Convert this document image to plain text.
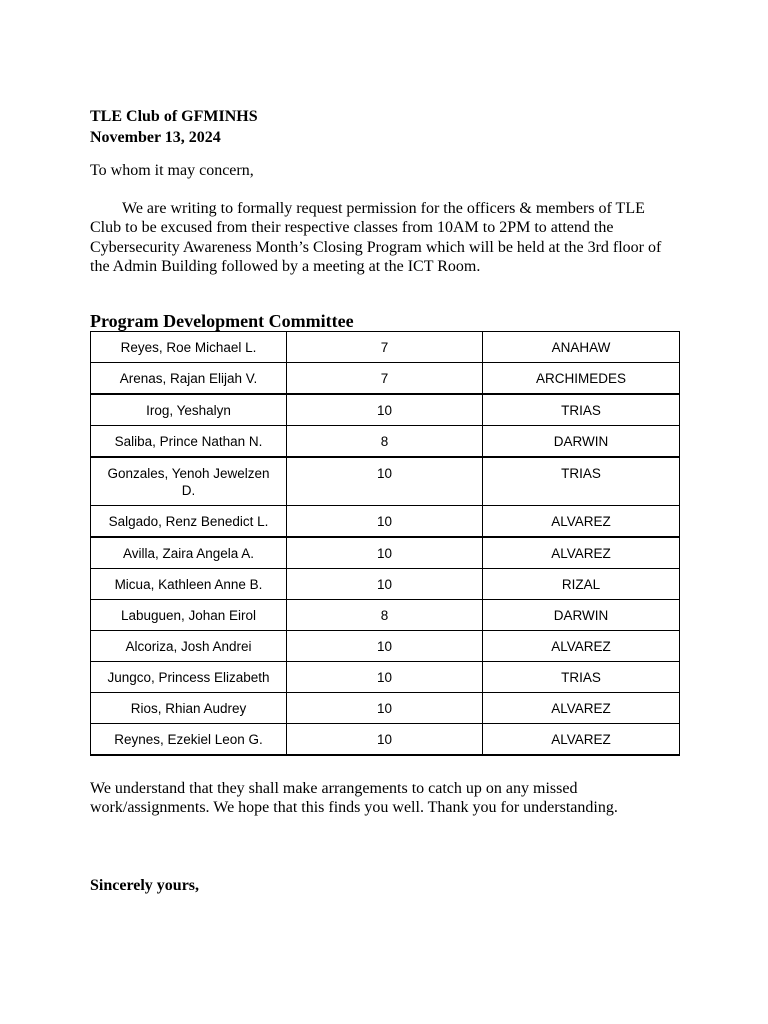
TLE Club of GFMINHS
November 13, 2024
To whom it may concern,
We are writing to formally request permission for the officers & members of TLE
Club to be excused from their respective classes from 10AM to 2PM to attend the
Cybersecurity Awareness Month’s Closing Program which will be held at the 3rd floor of
the Admin Building followed by a meeting at the ICT Room.
Program Development Committee
Reyes, Roe Michael L.	7	ANAHAW
Arenas, Rajan Elijah V.	7	ARCHIMEDES
Irog, Yeshalyn	10	TRIAS
Saliba, Prince Nathan N.	8	DARWIN
Gonzales, Yenoh Jewelzen D.	10	TRIAS
Salgado, Renz Benedict L.	10	ALVAREZ
Avilla, Zaira Angela A.	10	ALVAREZ
Micua, Kathleen Anne B.	10	RIZAL
Labuguen, Johan Eirol	8	DARWIN
Alcoriza, Josh Andrei	10	ALVAREZ
Jungco, Princess Elizabeth	10	TRIAS
Rios, Rhian Audrey	10	ALVAREZ
Reynes, Ezekiel Leon G.	10	ALVAREZ
We understand that they shall make arrangements to catch up on any missed
work/assignments. We hope that this finds you well. Thank you for understanding.
Sincerely yours,
